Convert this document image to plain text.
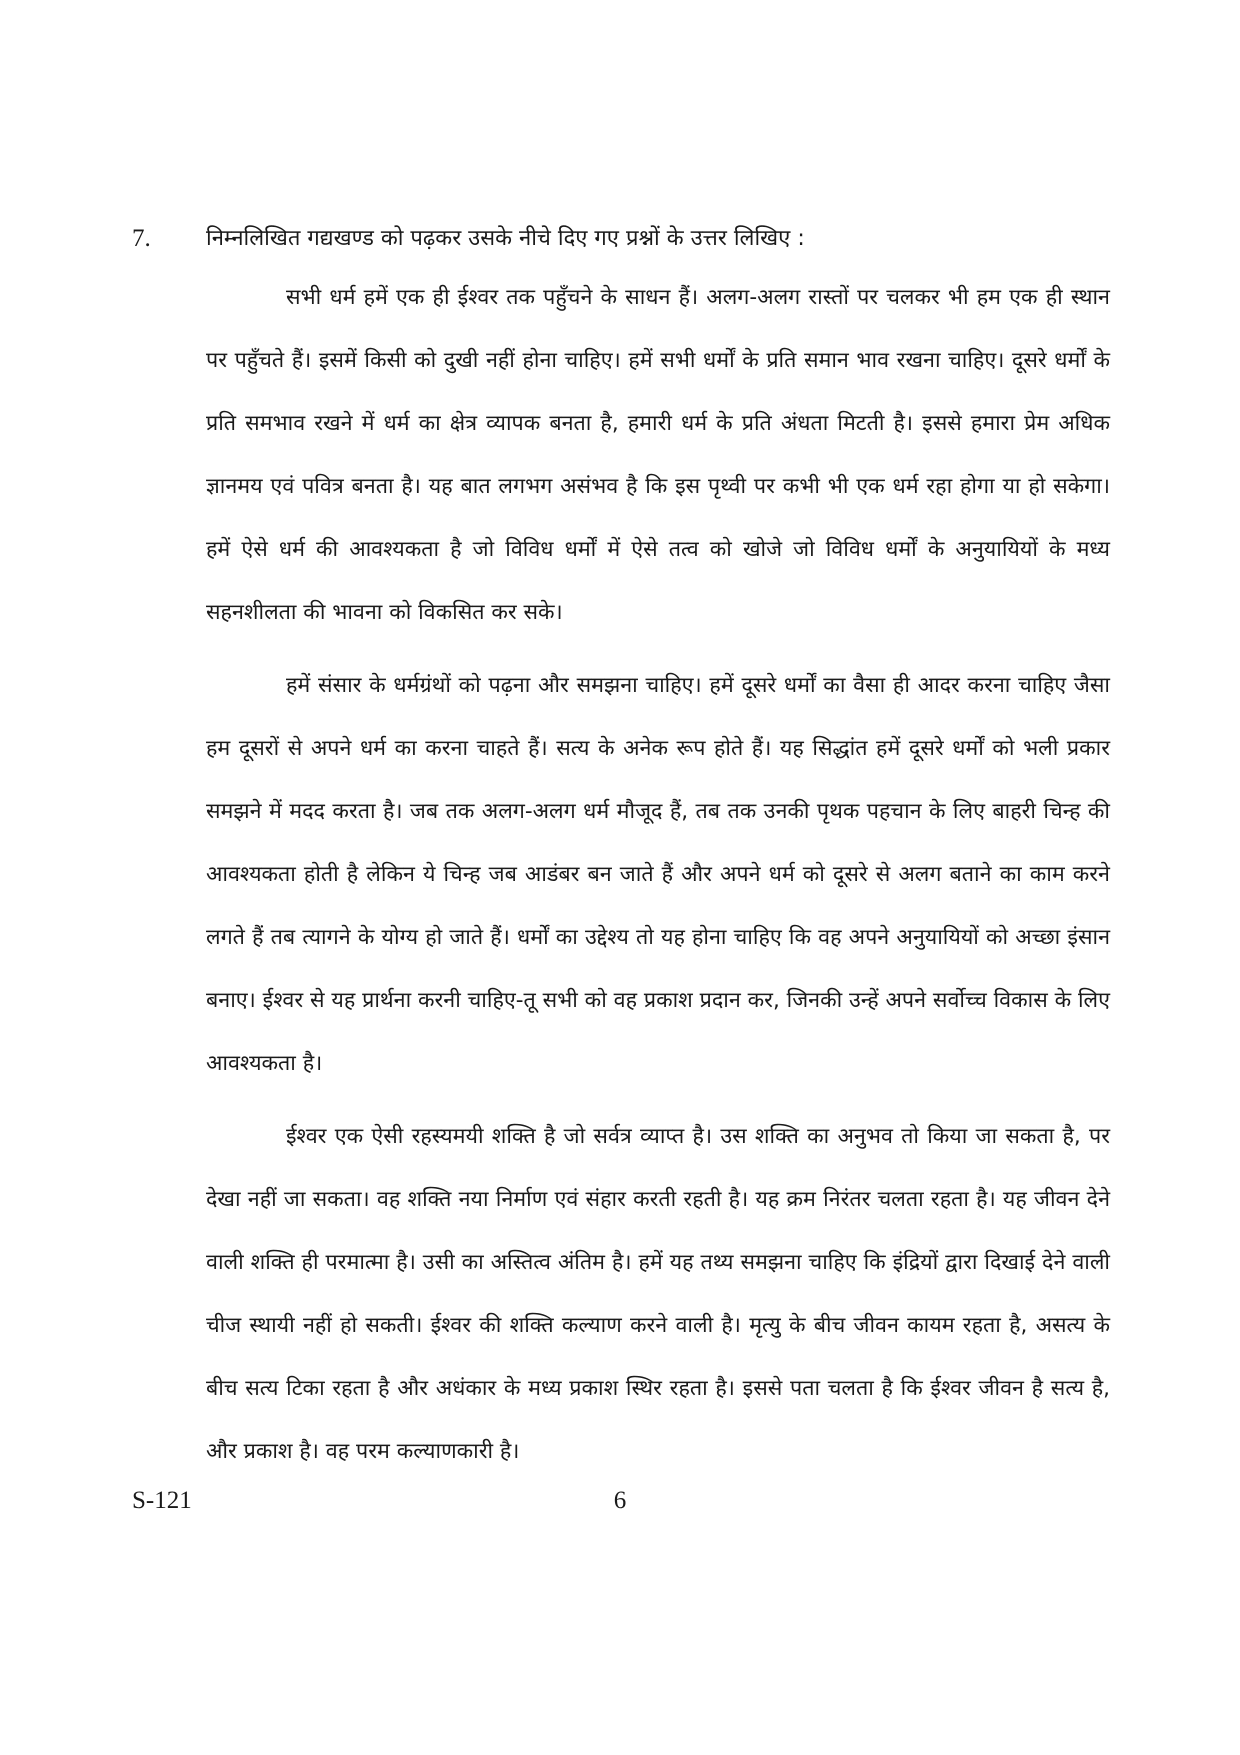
7.	निम्नलिखित गद्यखण्ड को पढ़कर उसके नीचे दिए गए प्रश्नों के उत्तर लिखिए :

सभी धर्म हमें एक ही ईश्वर तक पहुँचने के साधन हैं। अलग-अलग रास्तों पर चलकर भी हम एक ही स्थान पर पहुँचते हैं। इसमें किसी को दुखी नहीं होना चाहिए। हमें सभी धर्मों के प्रति समान भाव रखना चाहिए। दूसरे धर्मों के प्रति समभाव रखने में धर्म का क्षेत्र व्यापक बनता है, हमारी धर्म के प्रति अंधता मिटती है। इससे हमारा प्रेम अधिक ज्ञानमय एवं पवित्र बनता है। यह बात लगभग असंभव है कि इस पृथ्वी पर कभी भी एक धर्म रहा होगा या हो सकेगा। हमें ऐसे धर्म की आवश्यकता है जो विविध धर्मों में ऐसे तत्व को खोजे जो विविध धर्मों के अनुयायियों के मध्य सहनशीलता की भावना को विकसित कर सके।

हमें संसार के धर्मग्रंथों को पढ़ना और समझना चाहिए। हमें दूसरे धर्मों का वैसा ही आदर करना चाहिए जैसा हम दूसरों से अपने धर्म का करना चाहते हैं। सत्य के अनेक रूप होते हैं। यह सिद्धांत हमें दूसरे धर्मों को भली प्रकार समझने में मदद करता है। जब तक अलग-अलग धर्म मौजूद हैं, तब तक उनकी पृथक पहचान के लिए बाहरी चिन्ह की आवश्यकता होती है लेकिन ये चिन्ह जब आडंबर बन जाते हैं और अपने धर्म को दूसरे से अलग बताने का काम करने लगते हैं तब त्यागने के योग्य हो जाते हैं। धर्मों का उद्देश्य तो यह होना चाहिए कि वह अपने अनुयायियों को अच्छा इंसान बनाए। ईश्वर से यह प्रार्थना करनी चाहिए-तू सभी को वह प्रकाश प्रदान कर, जिनकी उन्हें अपने सर्वोच्च विकास के लिए आवश्यकता है।

ईश्वर एक ऐसी रहस्यमयी शक्ति है जो सर्वत्र व्याप्त है। उस शक्ति का अनुभव तो किया जा सकता है, पर देखा नहीं जा सकता। वह शक्ति नया निर्माण एवं संहार करती रहती है। यह क्रम निरंतर चलता रहता है। यह जीवन देने वाली शक्ति ही परमात्मा है। उसी का अस्तित्व अंतिम है। हमें यह तथ्य समझना चाहिए कि इंद्रियों द्वारा दिखाई देने वाली चीज स्थायी नहीं हो सकती। ईश्वर की शक्ति कल्याण करने वाली है। मृत्यु के बीच जीवन कायम रहता है, असत्य के बीच सत्य टिका रहता है और अधंकार के मध्य प्रकाश स्थिर रहता है। इससे पता चलता है कि ईश्वर जीवन है सत्य है, और प्रकाश है। वह परम कल्याणकारी है।

S-121	6
